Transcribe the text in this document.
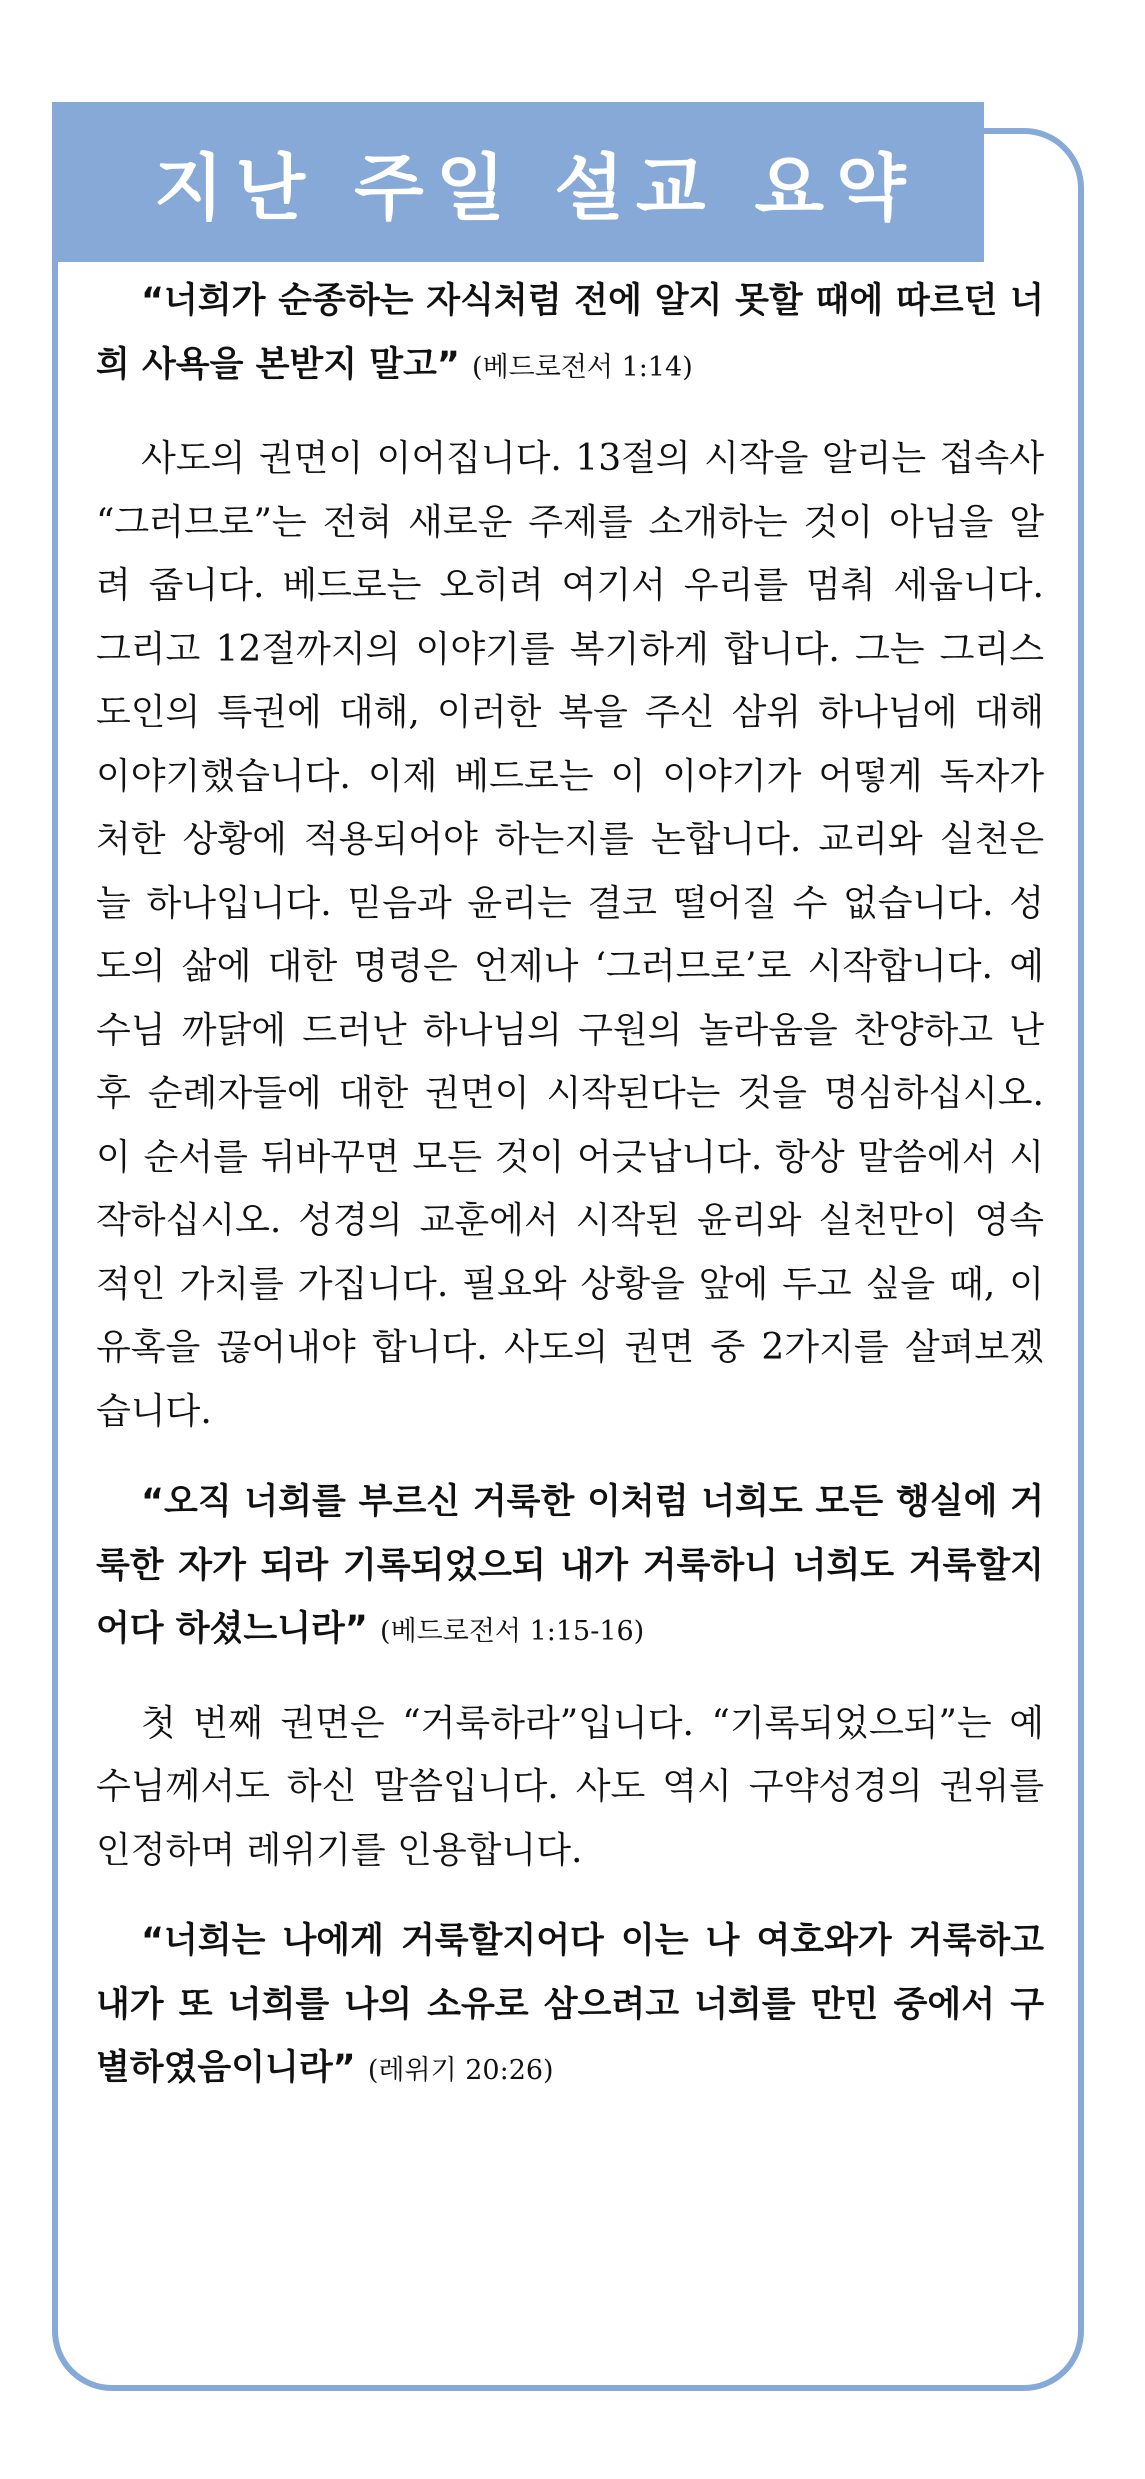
지난 주일 설교 요약

“너희가 순종하는 자식처럼 전에 알지 못할 때에 따르던 너희 사욕을 본받지 말고” (베드로전서 1:14)

사도의 권면이 이어집니다. 13절의 시작을 알리는 접속사 “그러므로”는 전혀 새로운 주제를 소개하는 것이 아님을 알려 줍니다. 베드로는 오히려 여기서 우리를 멈춰 세웁니다. 그리고 12절까지의 이야기를 복기하게 합니다. 그는 그리스도인의 특권에 대해, 이러한 복을 주신 삼위 하나님에 대해 이야기했습니다. 이제 베드로는 이 이야기가 어떻게 독자가 처한 상황에 적용되어야 하는지를 논합니다. 교리와 실천은 늘 하나입니다. 믿음과 윤리는 결코 떨어질 수 없습니다. 성도의 삶에 대한 명령은 언제나 ‘그러므로’로 시작합니다. 예수님 까닭에 드러난 하나님의 구원의 놀라움을 찬양하고 난 후 순례자들에 대한 권면이 시작된다는 것을 명심하십시오. 이 순서를 뒤바꾸면 모든 것이 어긋납니다. 항상 말씀에서 시작하십시오. 성경의 교훈에서 시작된 윤리와 실천만이 영속적인 가치를 가집니다. 필요와 상황을 앞에 두고 싶을 때, 이 유혹을 끊어내야 합니다. 사도의 권면 중 2가지를 살펴보겠습니다.

“오직 너희를 부르신 거룩한 이처럼 너희도 모든 행실에 거룩한 자가 되라 기록되었으되 내가 거룩하니 너희도 거룩할지어다 하셨느니라” (베드로전서 1:15-16)

첫 번째 권면은 “거룩하라”입니다. “기록되었으되”는 예수님께서도 하신 말씀입니다. 사도 역시 구약성경의 권위를 인정하며 레위기를 인용합니다.

“너희는 나에게 거룩할지어다 이는 나 여호와가 거룩하고 내가 또 너희를 나의 소유로 삼으려고 너희를 만민 중에서 구별하였음이니라” (레위기 20:26)
